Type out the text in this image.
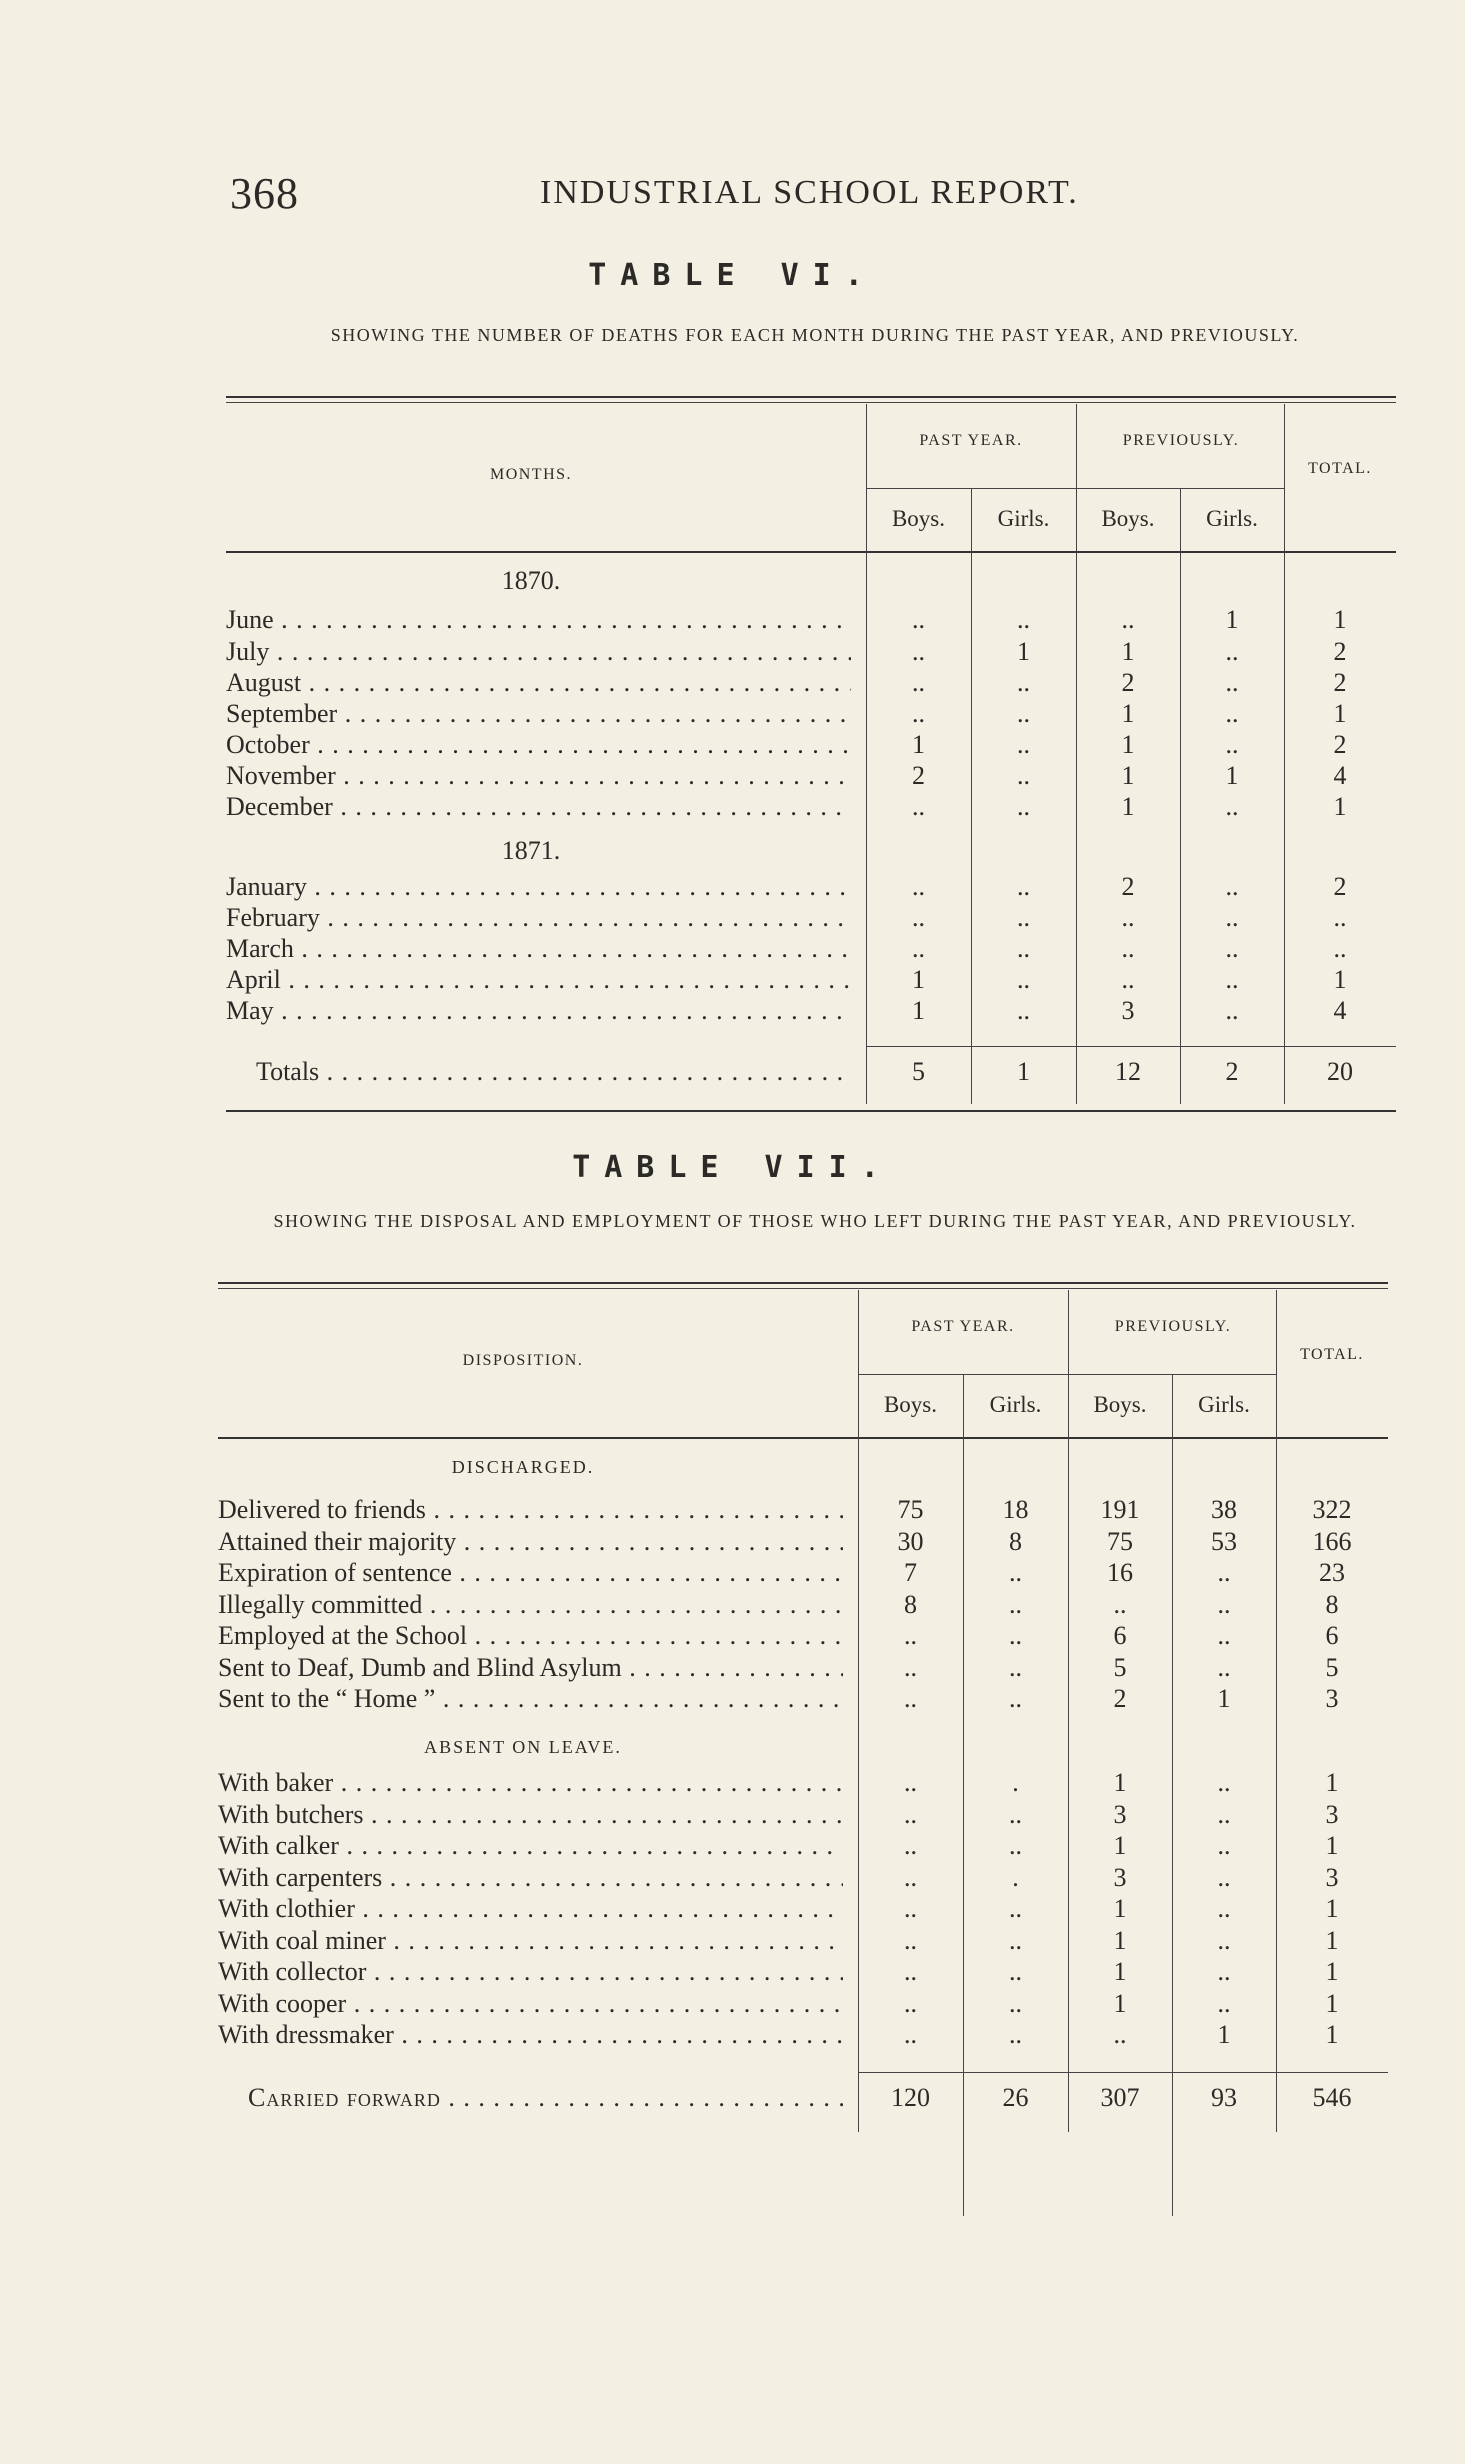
368	INDUSTRIAL SCHOOL REPORT.
TABLE VI.
SHOWING THE NUMBER OF DEATHS FOR EACH MONTH DURING THE PAST YEAR, AND PREVIOUSLY.
MONTHS.
PAST YEAR.	PREVIOUSLY.
TOTAL.
Boys.	Girls.	Boys.	Girls.
1870.
1871.
June . . .	..	..	..	1	1
July . . .	..	1	1	..	2
August . . .	..	..	2	..	2
September . . .	..	..	1	..	1
October . . .	1	..	1	..	2
November . . .	2	..	1	1	4
December . . .	..	..	1	..	1
January . . .	..	..	2	..	2
February . . .	..	..	..	..	..
March . . .	..	..	..	..	..
April . . .	1	..	..	..	1
May . . .	1	..	3	..	4
Totals . . .	5	1	12	2	20
TABLE VII.
SHOWING THE DISPOSAL AND EMPLOYMENT OF THOSE WHO LEFT DURING THE PAST YEAR, AND PREVIOUSLY.
DISPOSITION.
PAST YEAR.	PREVIOUSLY.
TOTAL.
Boys.	Girls.	Boys.	Girls.
DISCHARGED.
ABSENT ON LEAVE.
Delivered to friends . . .	75	18	191	38	322
Attained their majority . . .	30	8	75	53	166
Expiration of sentence . . .	7	..	16	..	23
Illegally committed . . .	8	..	..	..	8
Employed at the School . . .	..	..	6	..	6
Sent to Deaf, Dumb and Blind Asylum . . .	..	..	5	..	5
Sent to the “ Home ” . . .	..	..	2	1	3
With baker . . .	..	.	1	..	1
With butchers . . .	..	..	3	..	3
With calker . . .	..	..	1	..	1
With carpenters . . .	..	.	3	..	3
With clothier . . .	..	..	1	..	1
With coal miner . . .	..	..	1	..	1
With collector . . .	..	..	1	..	1
With cooper . . .	..	..	1	..	1
With dressmaker . . .	..	..	..	1	1
Carried forward . . .	120	26	307	93	546
